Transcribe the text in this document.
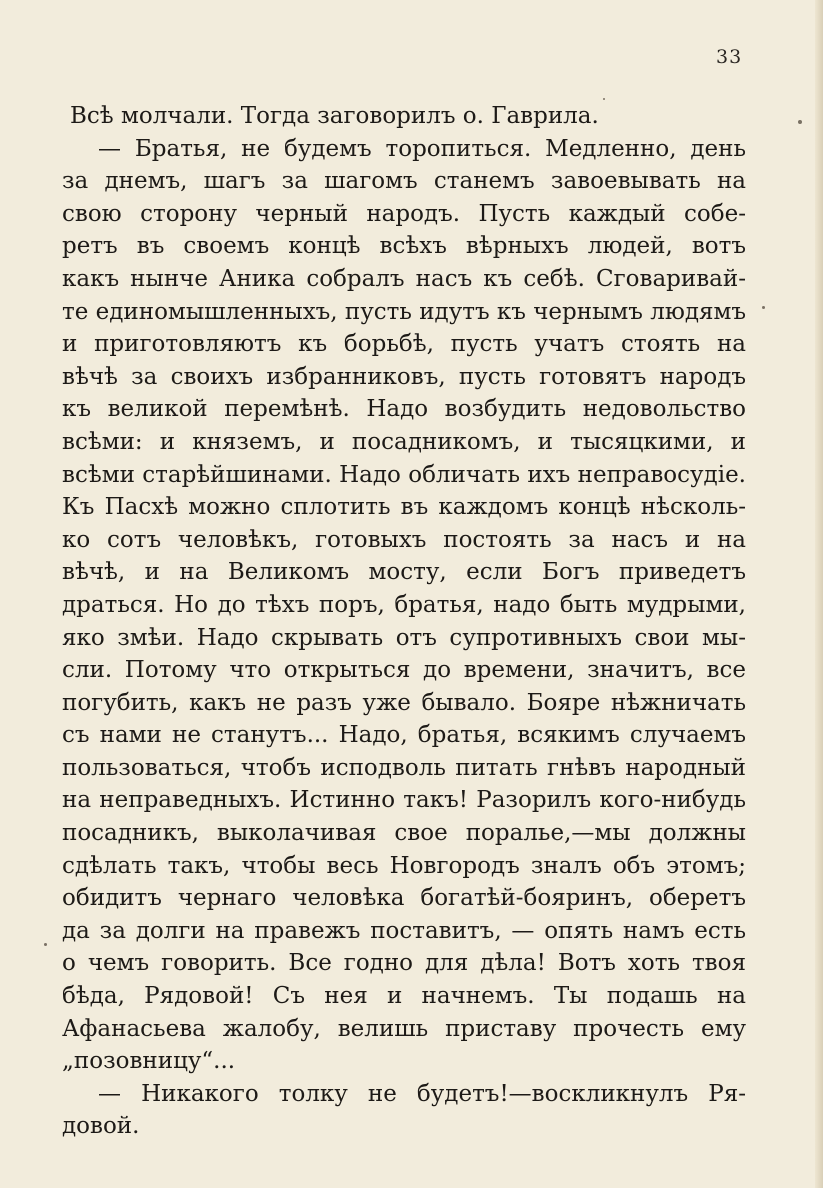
33
Всѣ молчали. Тогда заговорилъ о. Гаврила.
— Братья, не будемъ торопиться. Медленно, день
за днемъ, шагъ за шагомъ станемъ завоевывать на
свою сторону черный народъ. Пусть каждый собе-
ретъ въ своемъ концѣ всѣхъ вѣрныхъ людей, вотъ
какъ нынче Аника собралъ насъ къ себѣ. Сговаривай-
те единомышленныхъ, пусть идутъ къ чернымъ людямъ
и приготовляютъ къ борьбѣ, пусть учатъ стоять на
вѣчѣ за своихъ избранниковъ, пусть готовятъ народъ
къ великой перемѣнѣ. Надо возбудить недовольство
всѣми: и княземъ, и посадникомъ, и тысяцкими, и
всѣми старѣйшинами. Надо обличать ихъ неправосудіе.
Къ Пасхѣ можно сплотить въ каждомъ концѣ нѣсколь-
ко сотъ человѣкъ, готовыхъ постоять за насъ и на
вѣчѣ, и на Великомъ мосту, если Богъ приведетъ
драться. Но до тѣхъ поръ, братья, надо быть мудрыми,
яко змѣи. Надо скрывать отъ супротивныхъ свои мы-
сли. Потому что открыться до времени, значитъ, все
погубить, какъ не разъ уже бывало. Бояре нѣжничать
съ нами не станутъ... Надо, братья, всякимъ случаемъ
пользоваться, чтобъ исподволь питать гнѣвъ народный
на неправедныхъ. Истинно такъ! Разорилъ кого-нибудь
посадникъ, выколачивая свое поралье,—мы должны
сдѣлать такъ, чтобы весь Новгородъ зналъ объ этомъ;
обидитъ чернаго человѣка богатѣй-бояринъ, оберетъ
да за долги на правежъ поставитъ, — опять намъ есть
о чемъ говорить. Все годно для дѣла! Вотъ хоть твоя
бѣда, Рядовой! Съ нея и начнемъ. Ты подашь на
Афанасьева жалобу, велишь приставу прочесть ему
„позовницу“...
— Никакого толку не будетъ!—воскликнулъ Ря-
довой.
